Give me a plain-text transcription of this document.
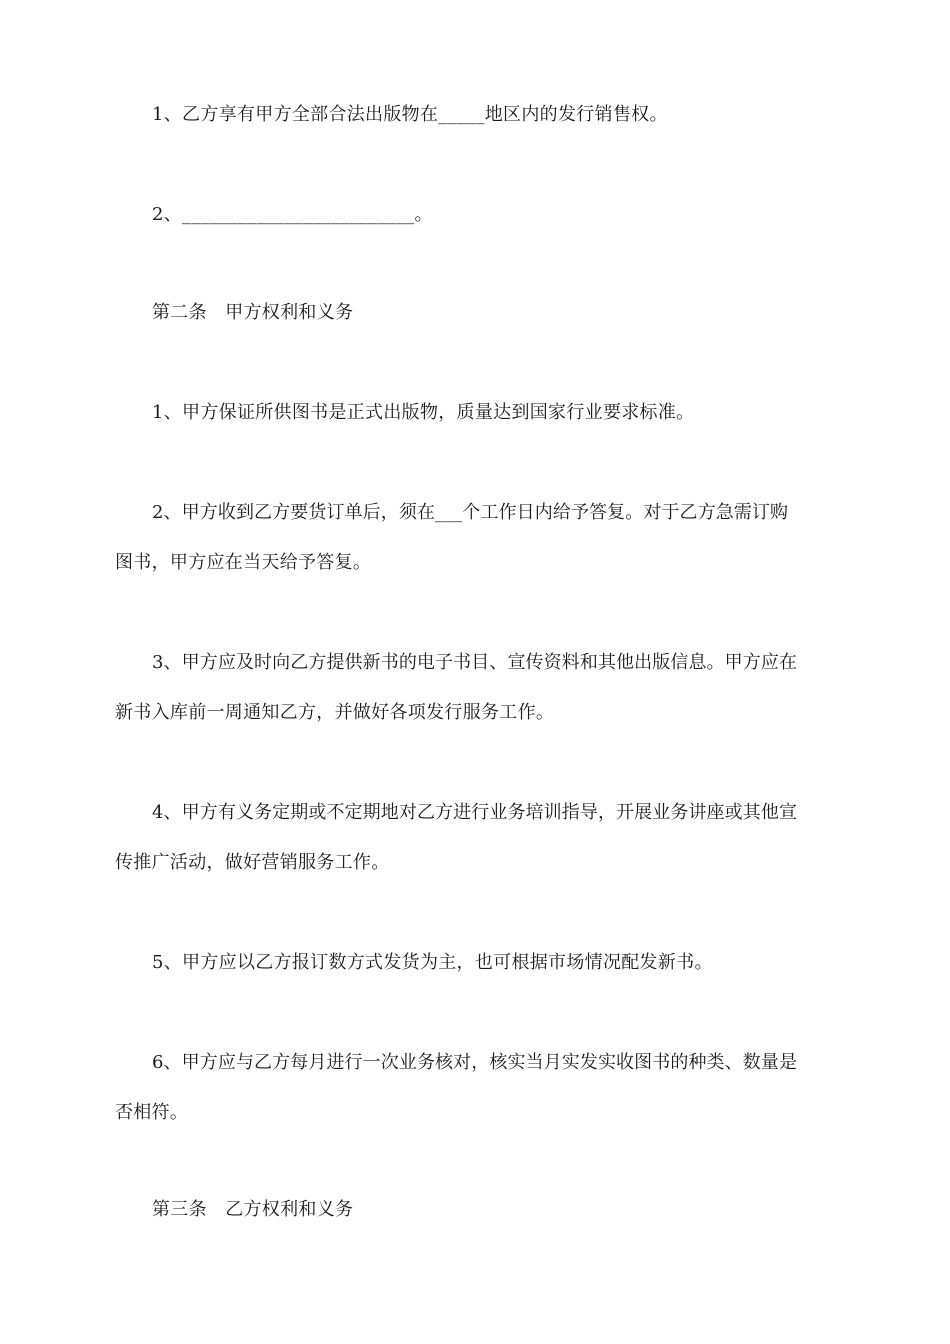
1、乙方享有甲方全部合法出版物在_____地区内的发行销售权。
2、_________________________。
第二条　甲方权利和义务
1、甲方保证所供图书是正式出版物，质量达到国家行业要求标准。
2、甲方收到乙方要货订单后，须在___个工作日内给予答复。对于乙方急需订购
图书，甲方应在当天给予答复。
3、甲方应及时向乙方提供新书的电子书目、宣传资料和其他出版信息。甲方应在
新书入库前一周通知乙方，并做好各项发行服务工作。
4、甲方有义务定期或不定期地对乙方进行业务培训指导，开展业务讲座或其他宣
传推广活动，做好营销服务工作。
5、甲方应以乙方报订数方式发货为主，也可根据市场情况配发新书。
6、甲方应与乙方每月进行一次业务核对，核实当月实发实收图书的种类、数量是
否相符。
第三条　乙方权利和义务
